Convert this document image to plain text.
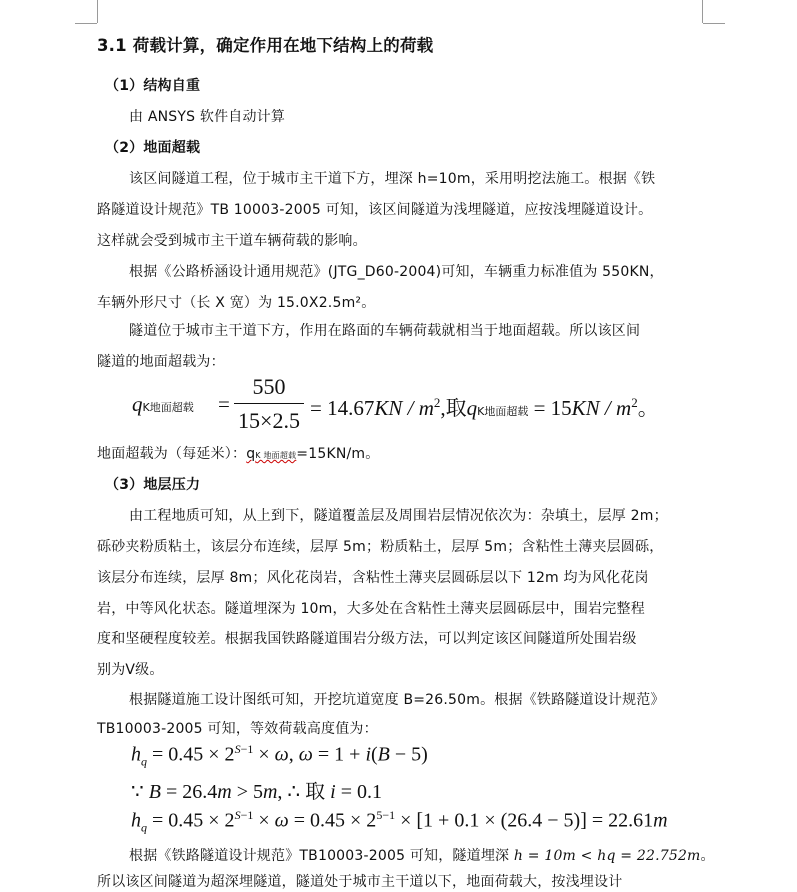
3.1 荷载计算，确定作用在地下结构上的荷载
（1）结构自重
由 ANSYS 软件自动计算
（2）地面超载
该区间隧道工程，位于城市主干道下方，埋深 h=10m，采用明挖法施工。根据《铁
路隧道设计规范》TB 10003-2005 可知，该区间隧道为浅埋隧道，应按浅埋隧道设计。
这样就会受到城市主干道车辆荷载的影响。
根据《公路桥涵设计通用规范》(JTG_D60-2004)可知，车辆重力标准值为 550KN，
车辆外形尺寸（长 X 宽）为 15.0X2.5m²。
隧道位于城市主干道下方，作用在路面的车辆荷载就相当于地面超载。所以该区间
隧道的地面超载为：
qK地面超载 =
550
$15\times 2.5 = 14.67KN / m^2$,取qK地面超载 = $15KN / m^2$。
地面超载为（每延米）：qK 地面超载=15KN/m。
（3）地层压力
由工程地质可知，从上到下，隧道覆盖层及周围岩层情况依次为：杂填土，层厚 2m；
砾砂夹粉质粘土，该层分布连续，层厚 5m；粉质粘土，层厚 5m；含粘性土薄夹层圆砾，
该层分布连续，层厚 8m；风化花岗岩，含粘性土薄夹层圆砾层以下 12m 均为风化花岗
岩，中等风化状态。隧道埋深为 10m，大多处在含粘性土薄夹层圆砾层中，围岩完整程
度和坚硬程度较差。根据我国铁路隧道围岩分级方法，可以判定该区间隧道所处围岩级
别为Ⅴ级。
根据隧道施工设计图纸可知，开挖坑道宽度 B=26.50m。根据《铁路隧道设计规范》
TB10003-2005 可知，等效荷载高度值为：
$h_q = 0.45 \times 2^{S-1} \times \omega$, ω = 1 + i(B − 5)
∵ B = 26.4m > 5m, ∴ 取 i = 0.1
$h_q = 0.45 \times 2^{S-1} \times \omega = 0.45 \times 2^{5-1} \times [1 + 0.1 \times (26.4 - 5)] = 22.61m$
根据《铁路隧道设计规范》TB10003-2005 可知，隧道埋深 h = 10m < hq = 22.752m。
所以该区间隧道为超深埋隧道，隧道处于城市主干道以下，地面荷载大，按浅埋设计
